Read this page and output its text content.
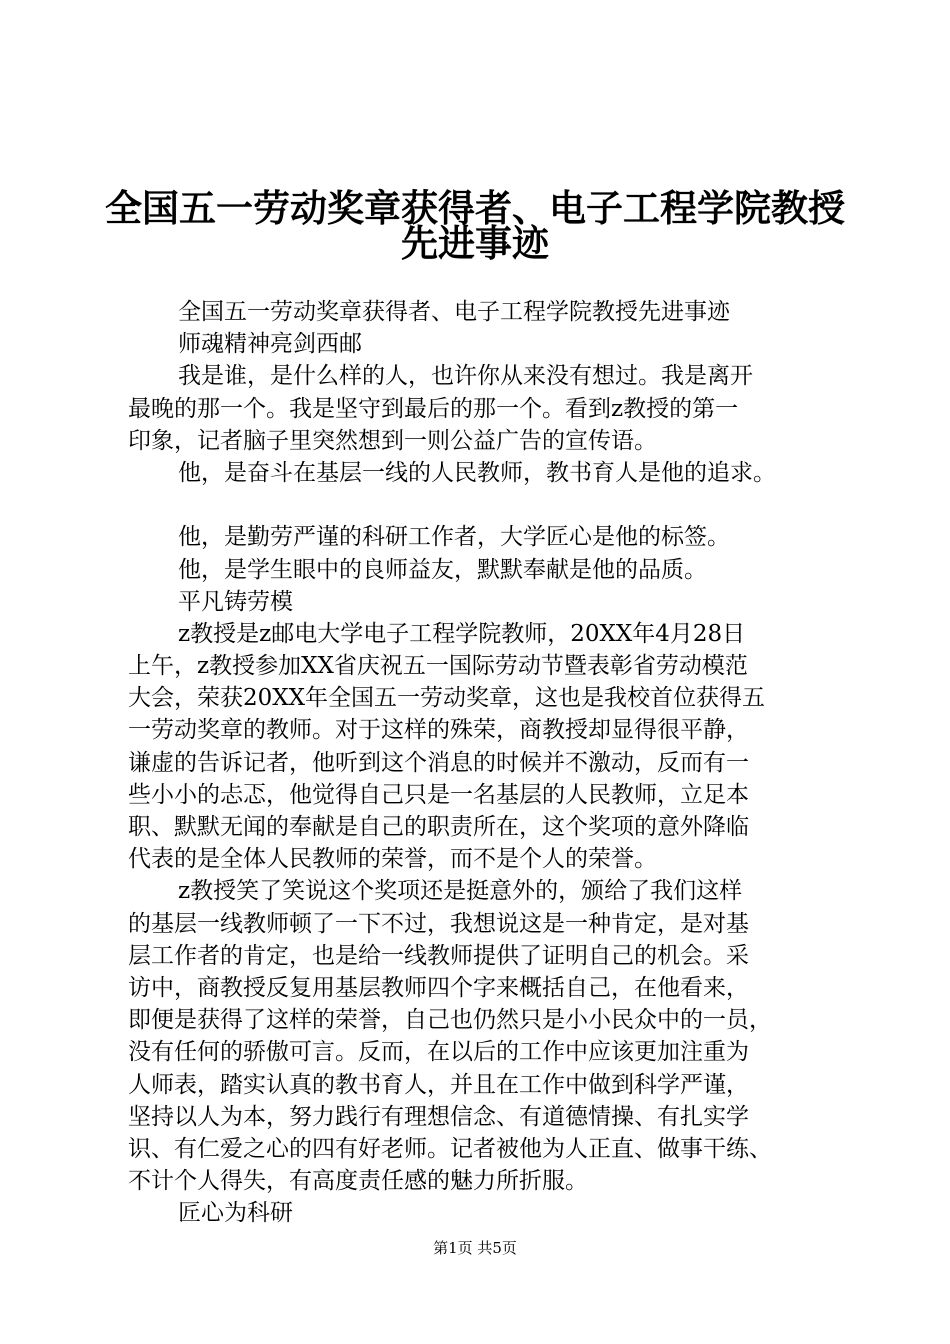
全国五一劳动奖章获得者、电子工程学院教授
先进事迹
全国五一劳动奖章获得者、电子工程学院教授先进事迹
师魂精神亮剑西邮
我是谁，是什么样的人，也许你从来没有想过。我是离开
最晚的那一个。我是坚守到最后的那一个。看到z教授的第一
印象，记者脑子里突然想到一则公益广告的宣传语。
他，是奋斗在基层一线的人民教师，教书育人是他的追求。
他，是勤劳严谨的科研工作者，大学匠心是他的标签。
他，是学生眼中的良师益友，默默奉献是他的品质。
平凡铸劳模
z教授是z邮电大学电子工程学院教师，20XX年4月28日
上午，z教授参加XX省庆祝五一国际劳动节暨表彰省劳动模范
大会，荣获20XX年全国五一劳动奖章，这也是我校首位获得五
一劳动奖章的教师。对于这样的殊荣，商教授却显得很平静，
谦虚的告诉记者，他听到这个消息的时候并不激动，反而有一
些小小的忐忑，他觉得自己只是一名基层的人民教师，立足本
职、默默无闻的奉献是自己的职责所在，这个奖项的意外降临
代表的是全体人民教师的荣誉，而不是个人的荣誉。
z教授笑了笑说这个奖项还是挺意外的，颁给了我们这样
的基层一线教师顿了一下不过，我想说这是一种肯定，是对基
层工作者的肯定，也是给一线教师提供了证明自己的机会。采
访中，商教授反复用基层教师四个字来概括自己，在他看来，
即便是获得了这样的荣誉，自己也仍然只是小小民众中的一员，
没有任何的骄傲可言。反而，在以后的工作中应该更加注重为
人师表，踏实认真的教书育人，并且在工作中做到科学严谨，
坚持以人为本，努力践行有理想信念、有道德情操、有扎实学
识、有仁爱之心的四有好老师。记者被他为人正直、做事干练、
不计个人得失，有高度责任感的魅力所折服。
匠心为科研
第1页 共5页
